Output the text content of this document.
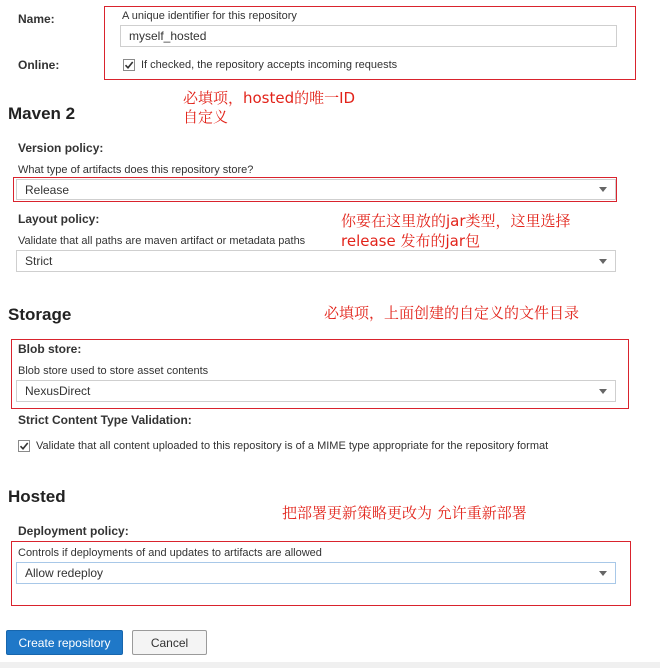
Name:	A unique identifier for this repository
myself_hosted
Online:	If checked, the repository accepts incoming requests
必填项，hosted的唯一ID
自定义
Maven 2
Version policy:
What type of artifacts does this repository store?
Release
Layout policy:	你要在这里放的jar类型，这里选择
release 发布的jar包
Validate that all paths are maven artifact or metadata paths
Strict
Storage	必填项，上面创建的自定义的文件目录
Blob store:
Blob store used to store asset contents
NexusDirect
Strict Content Type Validation:
Validate that all content uploaded to this repository is of a MIME type appropriate for the repository format
Hosted
把部署更新策略更改为 允许重新部署
Deployment policy:
Controls if deployments of and updates to artifacts are allowed
Allow redeploy
Create repository	Cancel
